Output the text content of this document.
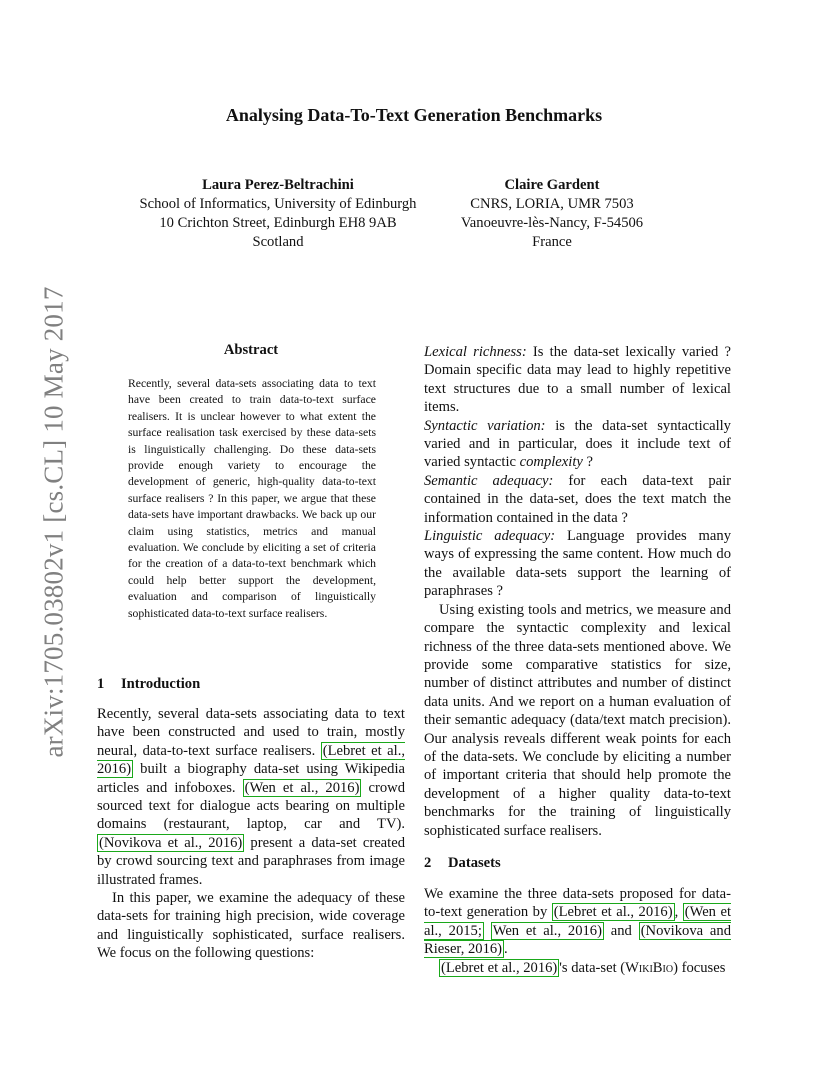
arXiv:1705.03802v1 [cs.CL] 10 May 2017
Analysing Data-To-Text Generation Benchmarks
Laura Perez-Beltrachini
School of Informatics, University of Edinburgh
10 Crichton Street, Edinburgh EH8 9AB
Scotland
Claire Gardent
CNRS, LORIA, UMR 7503
Vanoeuvre-lès-Nancy, F-54506
France
Abstract

Recently, several data-sets associating data to text have been created to train data-to-text surface realisers. It is unclear however to what extent the surface realisation task exercised by these data-sets is linguistically challenging. Do these data-sets provide enough variety to encourage the development of generic, high-quality data-to-text surface realisers ? In this paper, we argue that these data-sets have important drawbacks. We back up our claim using statistics, metrics and manual evaluation. We conclude by eliciting a set of criteria for the creation of a data-to-text benchmark which could help better support the development, evaluation and comparison of linguistically sophisticated data-to-text surface realisers.

1 Introduction

Recently, several data-sets associating data to text have been constructed and used to train, mostly neural, data-to-text surface realisers. (Lebret et al., 2016) built a biography data-set using Wikipedia articles and infoboxes. (Wen et al., 2016) crowd sourced text for dialogue acts bearing on multiple domains (restaurant, laptop, car and TV). (Novikova et al., 2016) present a data-set created by crowd sourcing text and paraphrases from image illustrated frames.

In this paper, we examine the adequacy of these data-sets for training high precision, wide coverage and linguistically sophisticated, surface realisers. We focus on the following questions:

Lexical richness: Is the data-set lexically varied ? Domain specific data may lead to highly repetitive text structures due to a small number of lexical items.

Syntactic variation: is the data-set syntactically varied and in particular, does it include text of varied syntactic complexity ?

Semantic adequacy: for each data-text pair contained in the data-set, does the text match the information contained in the data ?

Linguistic adequacy: Language provides many ways of expressing the same content. How much do the available data-sets support the learning of paraphrases ?

Using existing tools and metrics, we measure and compare the syntactic complexity and lexical richness of the three data-sets mentioned above. We provide some comparative statistics for size, number of distinct attributes and number of distinct data units. And we report on a human evaluation of their semantic adequacy (data/text match precision). Our analysis reveals different weak points for each of the data-sets. We conclude by eliciting a number of important criteria that should help promote the development of a higher quality data-to-text benchmarks for the training of linguistically sophisticated surface realisers.

2 Datasets

We examine the three data-sets proposed for data-to-text generation by (Lebret et al., 2016) , (Wen et al., 2015; Wen et al., 2016) and (Novikova and Rieser, 2016) .

(Lebret et al., 2016) 's data-set (WikiBio) focuses
